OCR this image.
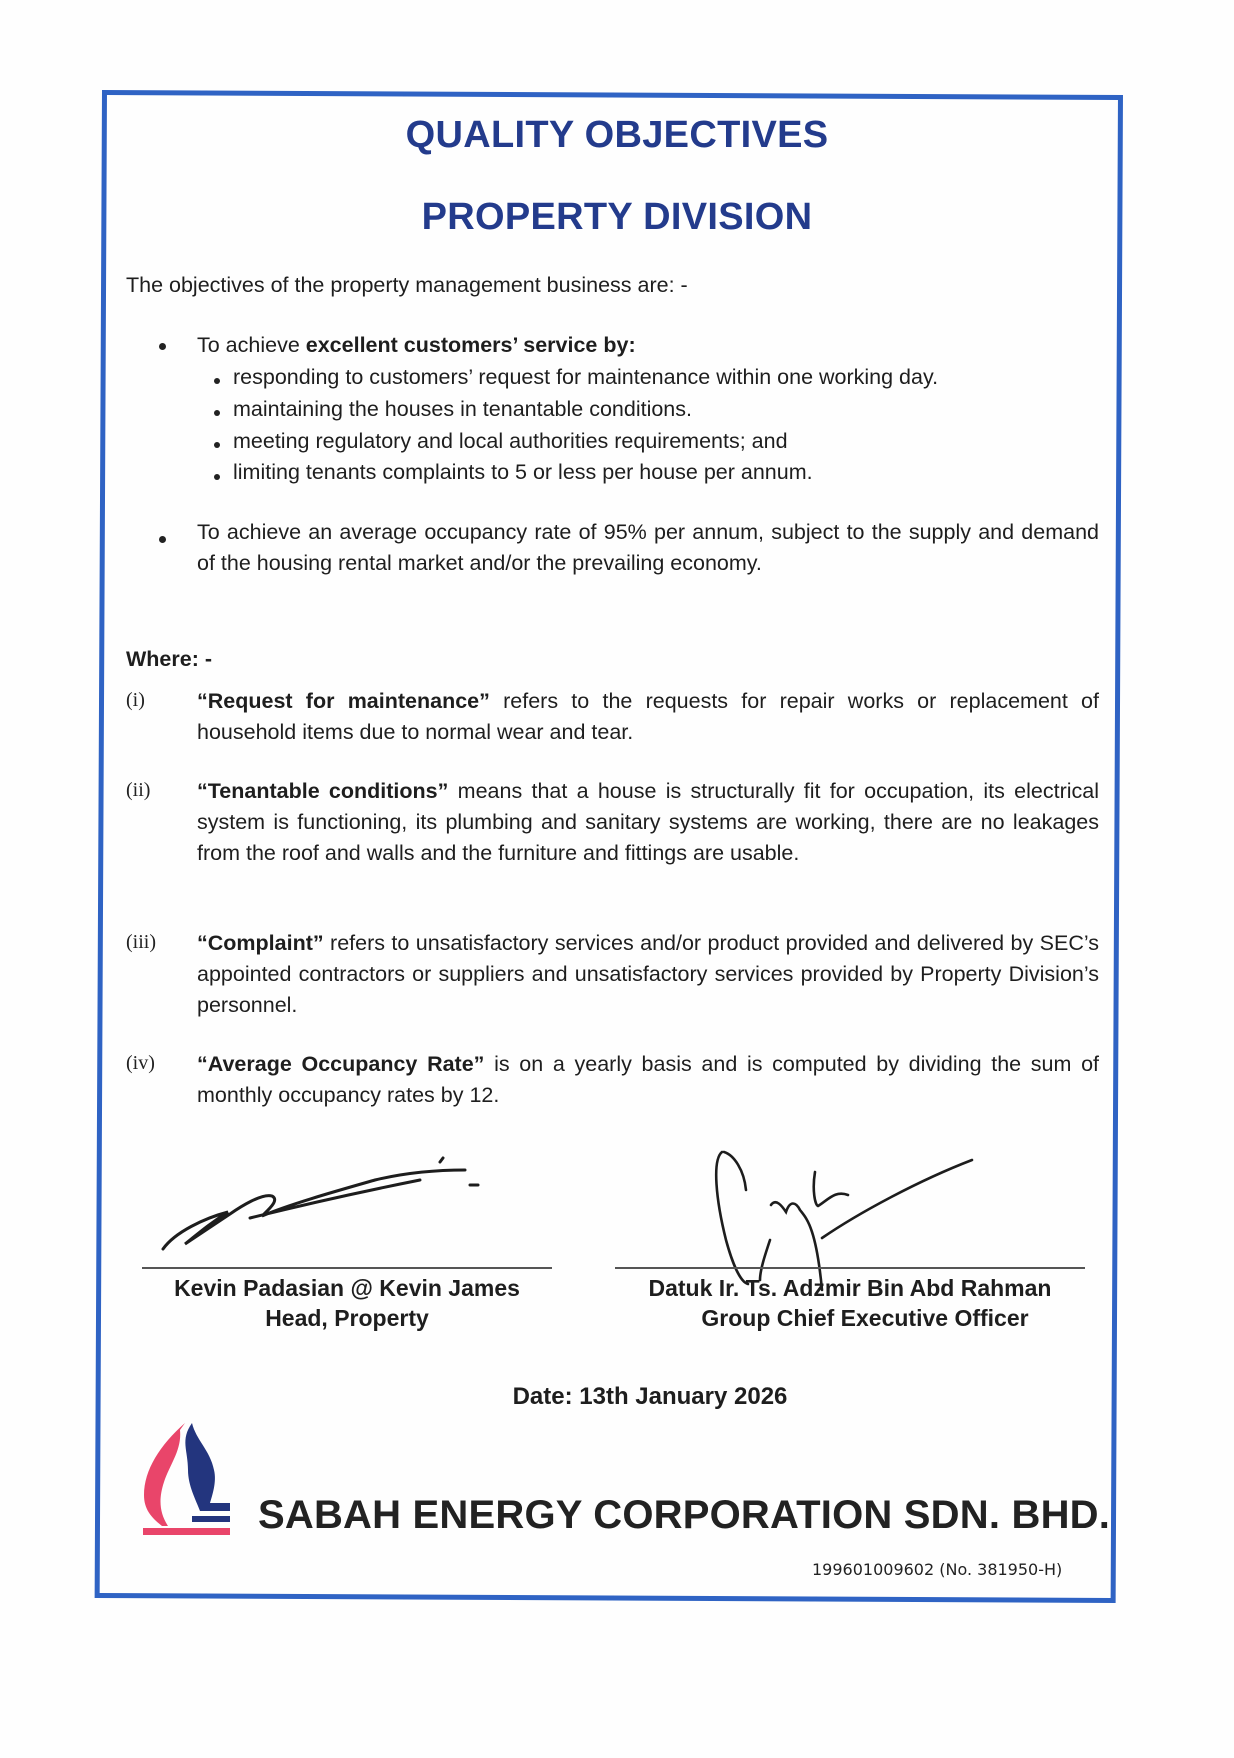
QUALITY OBJECTIVES
PROPERTY DIVISION
The objectives of the property management business are: -
To achieve excellent customers’ service by:
responding to customers’ request for maintenance within one working day.
maintaining the houses in tenantable conditions.
meeting regulatory and local authorities requirements; and
limiting tenants complaints to 5 or less per house per annum.
To achieve an average occupancy rate of 95% per annum, subject to the supply and demand of the housing rental market and/or the prevailing economy.
Where: -
(i) “Request for maintenance” refers to the requests for repair works or replacement of household items due to normal wear and tear.
(ii) “Tenantable conditions” means that a house is structurally fit for occupation, its electrical system is functioning, its plumbing and sanitary systems are working, there are no leakages from the roof and walls and the furniture and fittings are usable.
(iii) “Complaint” refers to unsatisfactory services and/or product provided and delivered by SEC’s appointed contractors or suppliers and unsatisfactory services provided by Property Division’s personnel.
(iv) “Average Occupancy Rate” is on a yearly basis and is computed by dividing the sum of monthly occupancy rates by 12.
Kevin Padasian @ Kevin James
Head, Property
Datuk Ir. Ts. Adzmir Bin Abd Rahman
Group Chief Executive Officer
Date: 13th January 2026
SABAH ENERGY CORPORATION SDN. BHD.
199601009602 (No. 381950-H)
